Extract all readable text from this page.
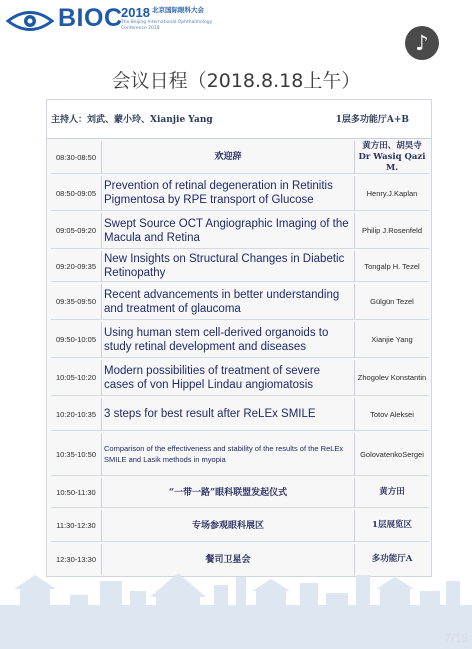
BIOC
2018 北京国际眼科大会
The Beijing International Ophthalmology Conference 2018
♪
会议日程（2018.8.18上午）
主持人：刘武、蒙小玲、Xianjie Yang	1层多功能厅A+B
08:30-08:50	欢迎辞
黄方田、胡昊寺
Dr Wasiq Qazi M.
08:50-09:05
Prevention of retinal degeneration in Retinitis Pigmentosa by RPE transport of Glucose
Henry.J.Kaplan
09:05-09:20
Swept Source OCT Angiographic Imaging of the Macula and Retina
Philip J.Rosenfeld
09:20-09:35
New Insights on Structural Changes in Diabetic Retinopathy
Tongalp H. Tezel
09:35-09:50
Recent advancements in better understanding and treatment of glaucoma
Gülgün Tezel
09:50-10:05
Using human stem cell-derived organoids to study retinal development and diseases
Xianjie Yang
10:05-10:20
Modern possibilities of treatment of severe cases of von Hippel Lindau angiomatosis
Zhogolev Konstantin
10:20-10:35 3 steps for best result after ReLEx SMILE	Totov Aleksei
10:35-10:50
Comparison of the effectiveness and stability of the results of the ReLEx SMILE and Lasik methods in myopia
GolovatenkoSergei
10:50-11:30	“一带一路”眼科联盟发起仪式	黄方田
11:30-12:30	专场参观眼科展区	1层展览区
12:30-13:30	餐司卫星会	多功能厅A
7/18
